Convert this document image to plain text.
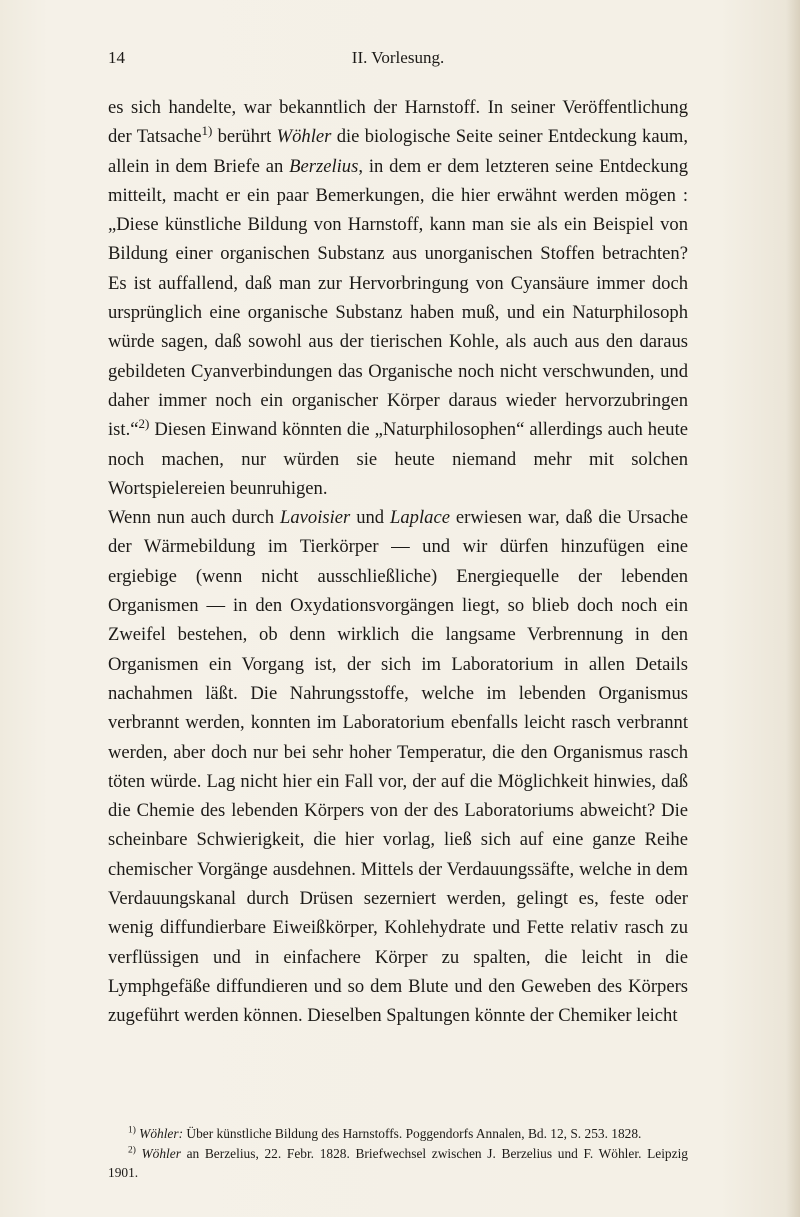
14	II. Vorlesung.

es sich handelte, war bekanntlich der Harnstoff. In seiner Veröffentlichung der Tatsache$^{1)}$ berührt Wöhler die biologische Seite seiner Entdeckung kaum, allein in dem Briefe an Berzelius, in dem er dem letzteren seine Entdeckung mitteilt, macht er ein paar Bemerkungen, die hier erwähnt werden mögen : „Diese künstliche Bildung von Harnstoff, kann man sie als ein Beispiel von Bildung einer organischen Substanz aus unorganischen Stoffen betrachten? Es ist auffallend, daß man zur Hervorbringung von Cyansäure immer doch ursprünglich eine organische Substanz haben muß, und ein Naturphilosoph würde sagen, daß sowohl aus der tierischen Kohle, als auch aus den daraus gebildeten Cyanverbindungen das Organische noch nicht verschwunden, und daher immer noch ein organischer Körper daraus wieder hervorzubringen ist.“$^{2)}$ Diesen Einwand könnten die „Naturphilosophen“ allerdings auch heute noch machen, nur würden sie heute niemand mehr mit solchen Wortspielereien beunruhigen.

Wenn nun auch durch Lavoisier und Laplace erwiesen war, daß die Ursache der Wärmebildung im Tierkörper — und wir dürfen hinzufügen eine ergiebige (wenn nicht ausschließliche) Energiequelle der lebenden Organismen — in den Oxydationsvorgängen liegt, so blieb doch noch ein Zweifel bestehen, ob denn wirklich die langsame Verbrennung in den Organismen ein Vorgang ist, der sich im Laboratorium in allen Details nachahmen läßt. Die Nahrungsstoffe, welche im lebenden Organismus verbrannt werden, konnten im Laboratorium ebenfalls leicht rasch verbrannt werden, aber doch nur bei sehr hoher Temperatur, die den Organismus rasch töten würde. Lag nicht hier ein Fall vor, der auf die Möglichkeit hinwies, daß die Chemie des lebenden Körpers von der des Laboratoriums abweicht? Die scheinbare Schwierigkeit, die hier vorlag, ließ sich auf eine ganze Reihe chemischer Vorgänge ausdehnen. Mittels der Verdauungssäfte, welche in dem Verdauungskanal durch Drüsen sezerniert werden, gelingt es, feste oder wenig diffundierbare Eiweißkörper, Kohlehydrate und Fette relativ rasch zu verflüssigen und in einfachere Körper zu spalten, die leicht in die Lymphgefäße diffundieren und so dem Blute und den Geweben des Körpers zugeführt werden können. Dieselben Spaltungen könnte der Chemiker leicht

$^{1)}$ Wöhler: Über künstliche Bildung des Harnstoffs. Poggendorfs Annalen, Bd. 12, S. 253. 1828.

$^{2)}$ Wöhler an Berzelius, 22. Febr. 1828. Briefwechsel zwischen J. Berzelius und F. Wöhler. Leipzig 1901.
